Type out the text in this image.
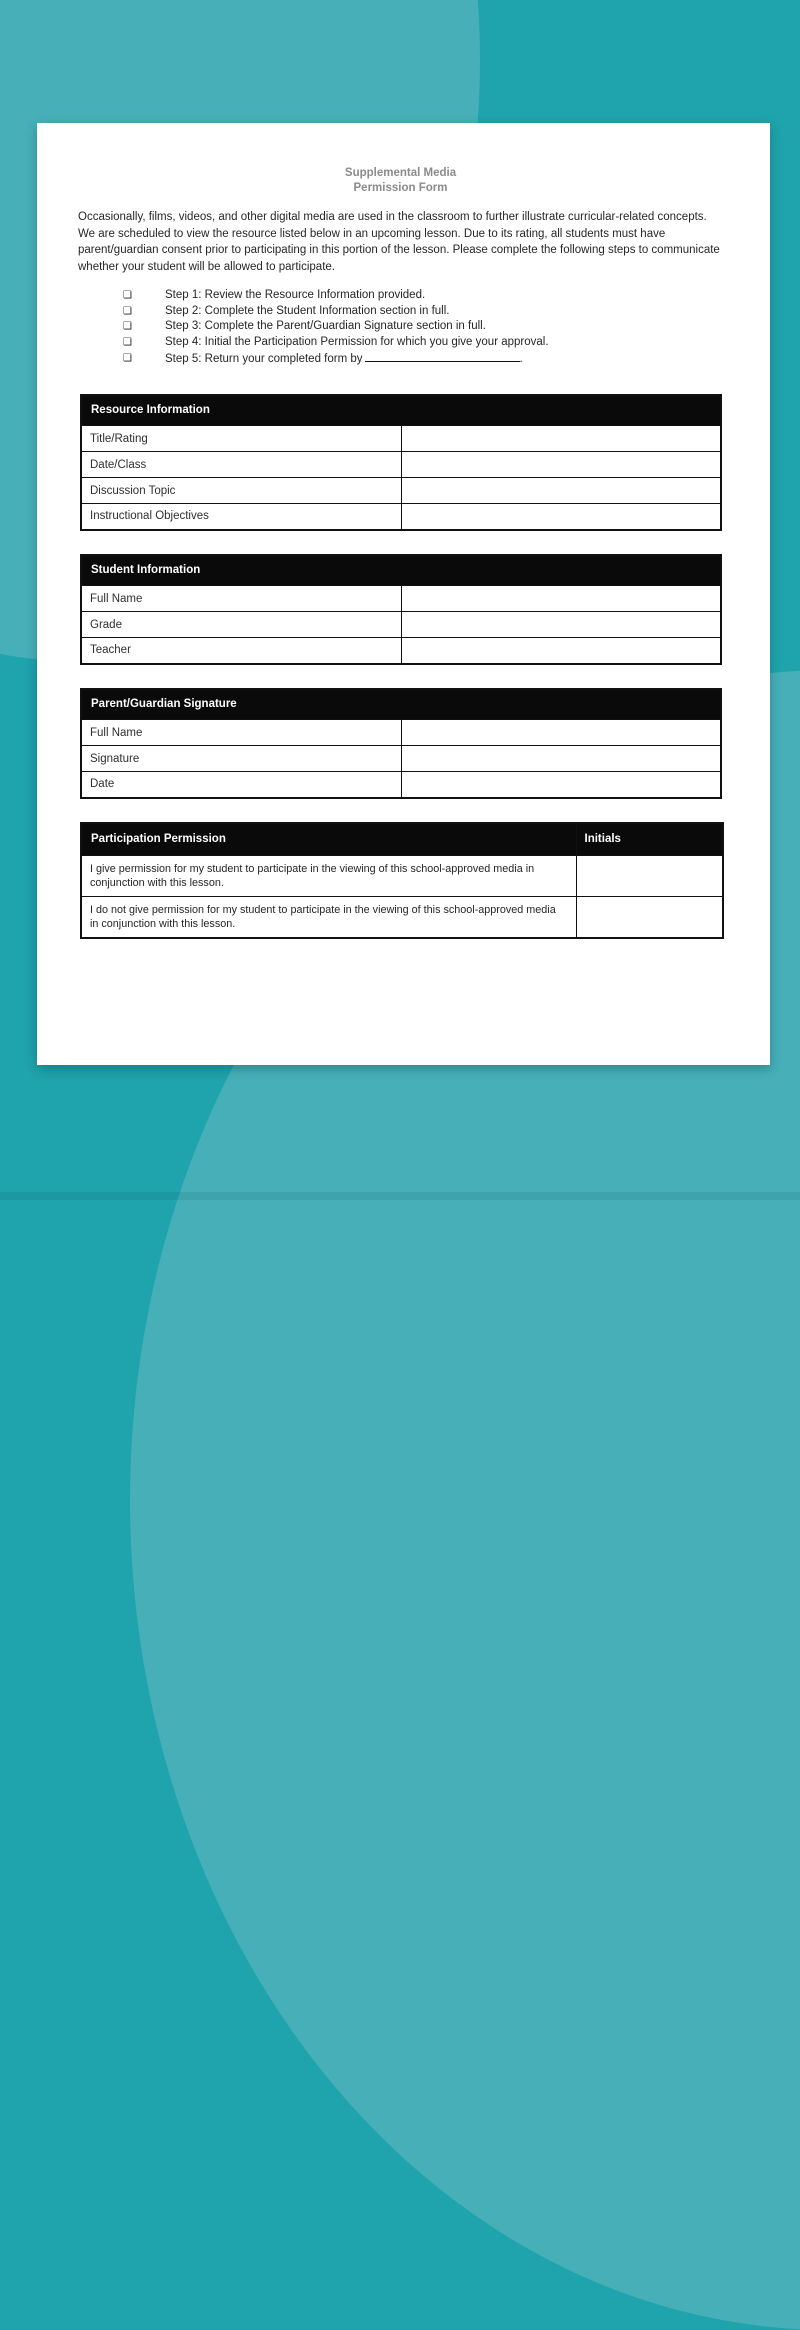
Supplemental Media
Permission Form

Occasionally, films, videos, and other digital media are used in the classroom to further illustrate curricular-related concepts. We are scheduled to view the resource listed below in an upcoming lesson. Due to its rating, all students must have parent/guardian consent prior to participating in this portion of the lesson. Please complete the following steps to communicate whether your student will be allowed to participate.

❏	Step 1: Review the Resource Information provided.
❏	Step 2: Complete the Student Information section in full.
❏	Step 3: Complete the Parent/Guardian Signature section in full.
❏	Step 4: Initial the Participation Permission for which you give your approval.
❏	Step 5: Return your completed form by	.
Resource Information	
Title/Rating	
Date/Class	
Discussion Topic	
Instructional Objectives	
Student Information	
Full Name	
Grade	
Teacher	
Parent/Guardian Signature	
Full Name	
Signature	
Date	
Participation Permission	Initials
I give permission for my student to participate in the viewing of this school-approved media in conjunction with this lesson.	
I do not give permission for my student to participate in the viewing of this school-approved media in conjunction with this lesson.	
